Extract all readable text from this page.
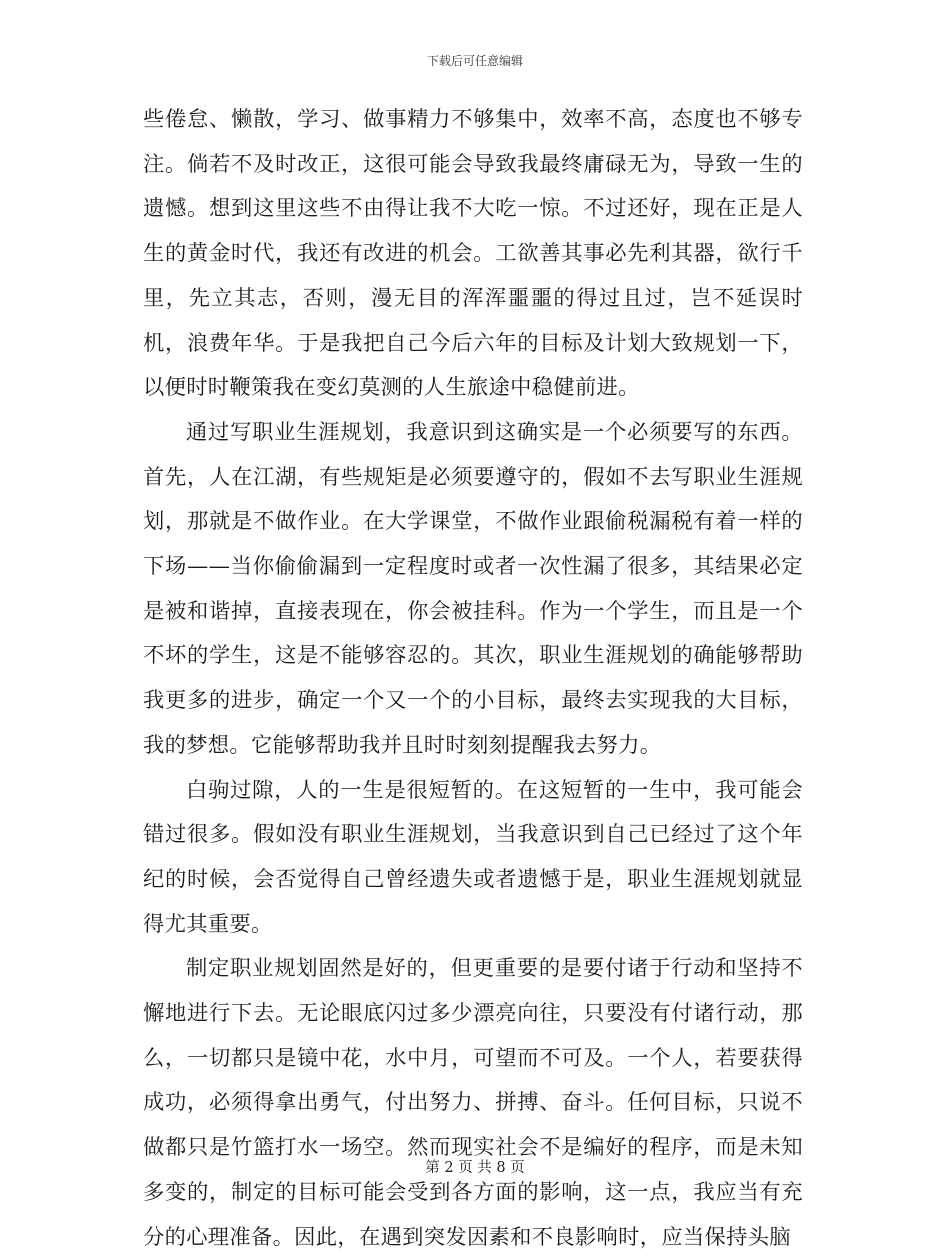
下载后可任意编辑

些倦怠、懒散，学习、做事精力不够集中，效率不高，态度也不够专注。倘若不及时改正，这很可能会导致我最终庸碌无为，导致一生的遗憾。想到这里这些不由得让我不大吃一惊。不过还好，现在正是人生的黄金时代，我还有改进的机会。工欲善其事必先利其器，欲行千里，先立其志，否则，漫无目的浑浑噩噩的得过且过，岂不延误时机，浪费年华。于是我把自己今后六年的目标及计划大致规划一下，以便时时鞭策我在变幻莫测的人生旅途中稳健前进。

通过写职业生涯规划，我意识到这确实是一个必须要写的东西。首先，人在江湖，有些规矩是必须要遵守的，假如不去写职业生涯规划，那就是不做作业。在大学课堂，不做作业跟偷税漏税有着一样的下场——当你偷偷漏到一定程度时或者一次性漏了很多，其结果必定是被和谐掉，直接表现在，你会被挂科。作为一个学生，而且是一个不坏的学生，这是不能够容忍的。其次，职业生涯规划的确能够帮助我更多的进步，确定一个又一个的小目标，最终去实现我的大目标，我的梦想。它能够帮助我并且时时刻刻提醒我去努力。

白驹过隙，人的一生是很短暂的。在这短暂的一生中，我可能会错过很多。假如没有职业生涯规划，当我意识到自己已经过了这个年纪的时候，会否觉得自己曾经遗失或者遗憾于是，职业生涯规划就显得尤其重要。

制定职业规划固然是好的，但更重要的是要付诸于行动和坚持不懈地进行下去。无论眼底闪过多少漂亮向往，只要没有付诸行动，那么，一切都只是镜中花，水中月，可望而不可及。一个人，若要获得成功，必须得拿出勇气，付出努力、拼搏、奋斗。任何目标，只说不做都只是竹篮打水一场空。然而现实社会不是编好的程序，而是未知多变的，制定的目标可能会受到各方面的影响，这一点，我应当有充分的心理准备。因此，在遇到突发因素和不良影响时，应当保持头脑

第 2 页 共 8 页
